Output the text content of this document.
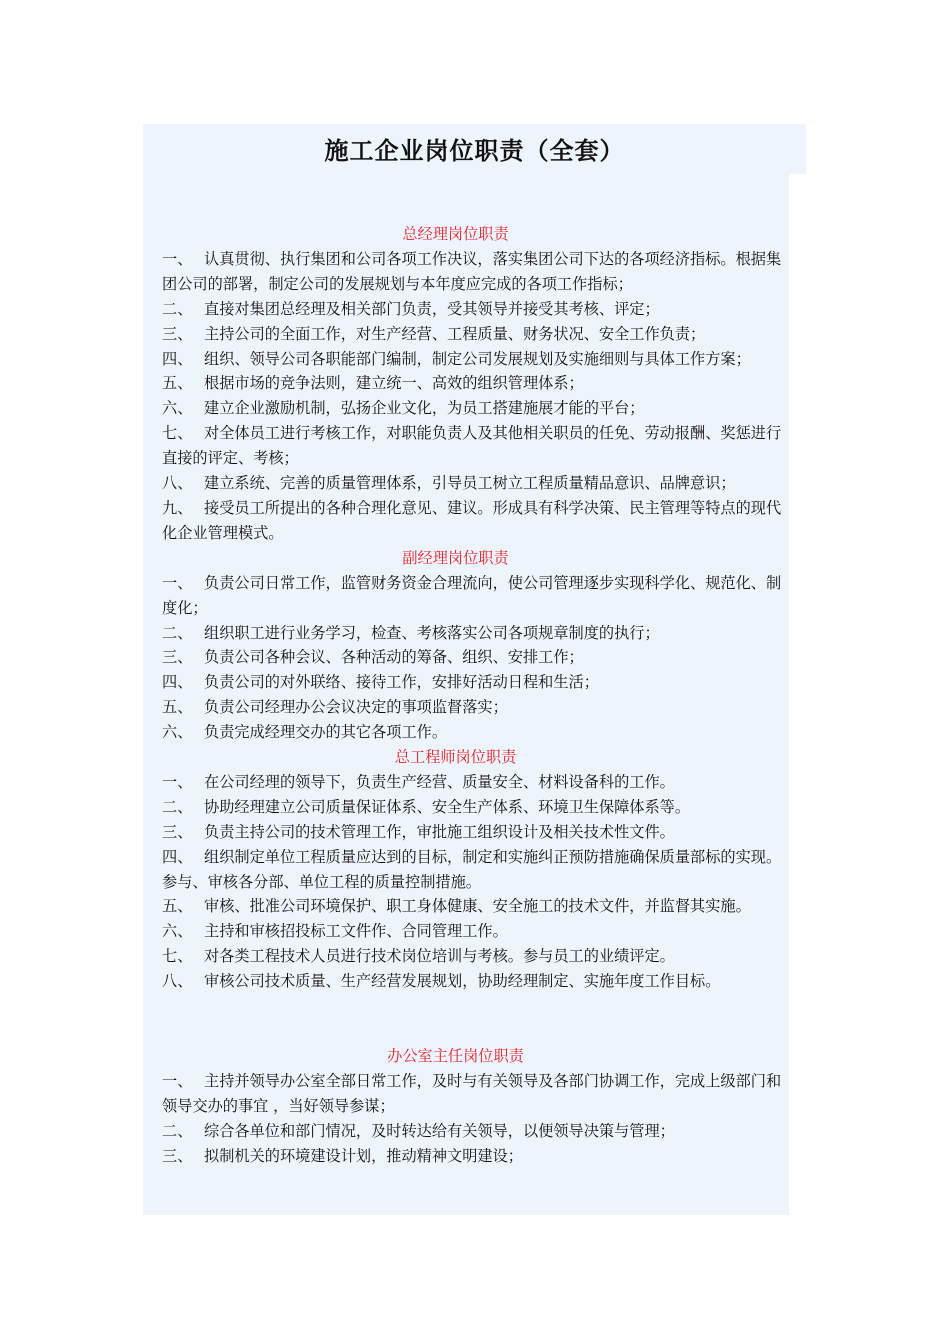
施工企业岗位职责（全套）
总经理岗位职责
一、 认真贯彻、执行集团和公司各项工作决议，落实集团公司下达的各项经济指标。根据集团公司的部署，制定公司的发展规划与本年度应完成的各项工作指标；
二、 直接对集团总经理及相关部门负责，受其领导并接受其考核、评定；
三、 主持公司的全面工作，对生产经营、工程质量、财务状况、安全工作负责；
四、 组织、领导公司各职能部门编制，制定公司发展规划及实施细则与具体工作方案；
五、 根据市场的竞争法则，建立统一、高效的组织管理体系；
六、 建立企业激励机制，弘扬企业文化，为员工搭建施展才能的平台；
七、 对全体员工进行考核工作，对职能负责人及其他相关职员的任免、劳动报酬、奖惩进行直接的评定、考核；
八、 建立系统、完善的质量管理体系，引导员工树立工程质量精品意识、品牌意识；
九、 接受员工所提出的各种合理化意见、建议。形成具有科学决策、民主管理等特点的现代化企业管理模式。
副经理岗位职责
一、 负责公司日常工作，监管财务资金合理流向，使公司管理逐步实现科学化、规范化、制度化；
二、 组织职工进行业务学习，检查、考核落实公司各项规章制度的执行；
三、 负责公司各种会议、各种活动的筹备、组织、安排工作；
四、 负责公司的对外联络、接待工作，安排好活动日程和生活；
五、 负责公司经理办公会议决定的事项监督落实；
六、 负责完成经理交办的其它各项工作。
总工程师岗位职责
一、 在公司经理的领导下，负责生产经营、质量安全、材料设备科的工作。
二、 协助经理建立公司质量保证体系、安全生产体系、环境卫生保障体系等。
三、 负责主持公司的技术管理工作，审批施工组织设计及相关技术性文件。
四、 组织制定单位工程质量应达到的目标，制定和实施纠正预防措施确保质量部标的实现。参与、审核各分部、单位工程的质量控制措施。
五、 审核、批准公司环境保护、职工身体健康、安全施工的技术文件，并监督其实施。
六、 主持和审核招投标工文件作、合同管理工作。
七、 对各类工程技术人员进行技术岗位培训与考核。参与员工的业绩评定。
八、 审核公司技术质量、生产经营发展规划，协助经理制定、实施年度工作目标。
办公室主任岗位职责
一、 主持并领导办公室全部日常工作，及时与有关领导及各部门协调工作，完成上级部门和领导交办的事宜 ，当好领导参谋；
二、 综合各单位和部门情况，及时转达给有关领导，以便领导决策与管理；
三、 拟制机关的环境建设计划，推动精神文明建设；
